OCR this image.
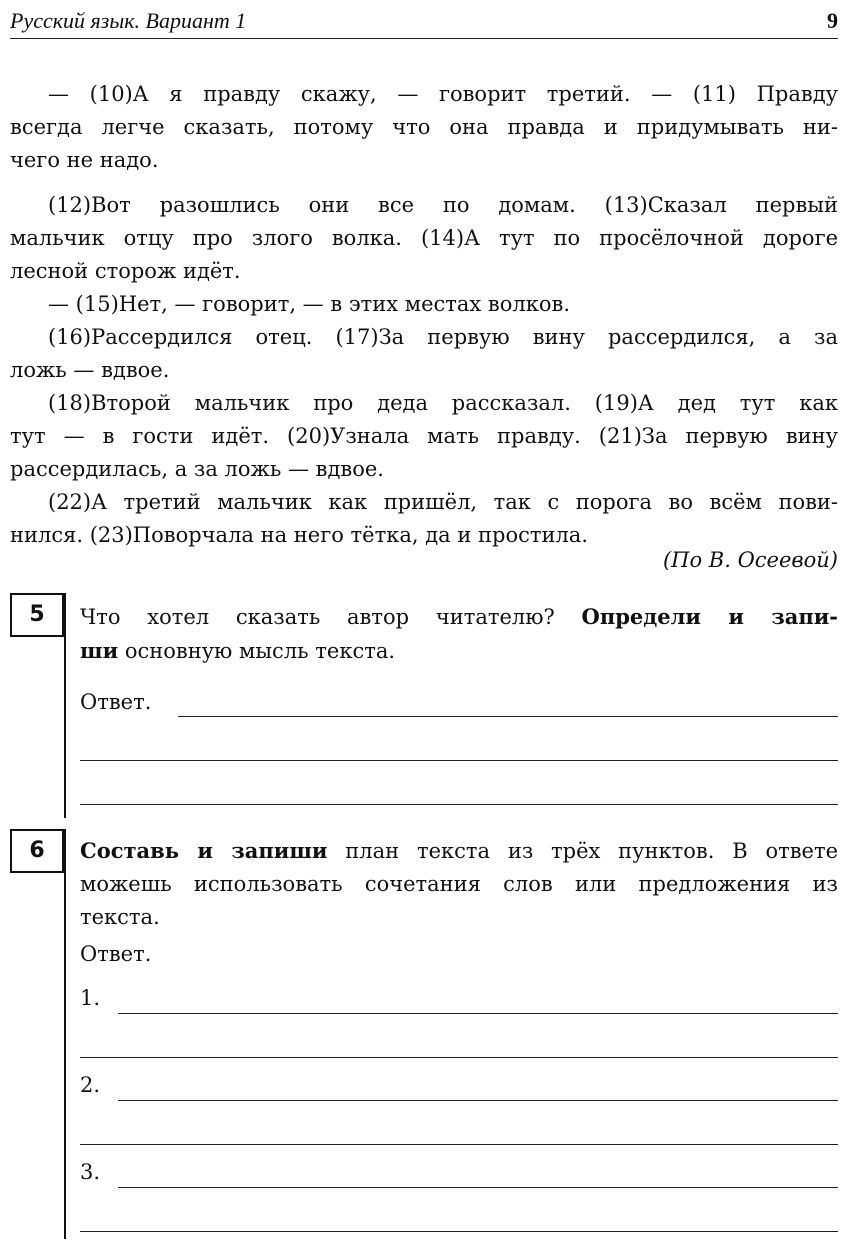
Русский язык. Вариант 1	9
— (10)А я правду скажу, — говорит третий. — (11) Правду
всегда легче сказать, потому что она правда и придумывать ни-
чего не надо.
(12)Вот разошлись они все по домам. (13)Сказал первый
мальчик отцу про злого волка. (14)А тут по просёлочной дороге
лесной сторож идёт.
— (15)Нет, — говорит, — в этих местах волков.
(16)Рассердился отец. (17)За первую вину рассердился, а за
ложь — вдвое.
(18)Второй мальчик про деда рассказал. (19)А дед тут как
тут — в гости идёт. (20)Узнала мать правду. (21)За первую вину
рассердилась, а за ложь — вдвое.
(22)А третий мальчик как пришёл, так с порога во всём пови-
нился. (23)Поворчала на него тётка, да и простила.
(По В. Осеевой)
5	Что хотел сказать автор читателю? Определи и запи-
ши основную мысль текста.
Ответ.
6	Составь и запиши план текста из трёх пунктов. В ответе
можешь использовать сочетания слов или предложения из
текста.
Ответ.
1.
2.
3.
